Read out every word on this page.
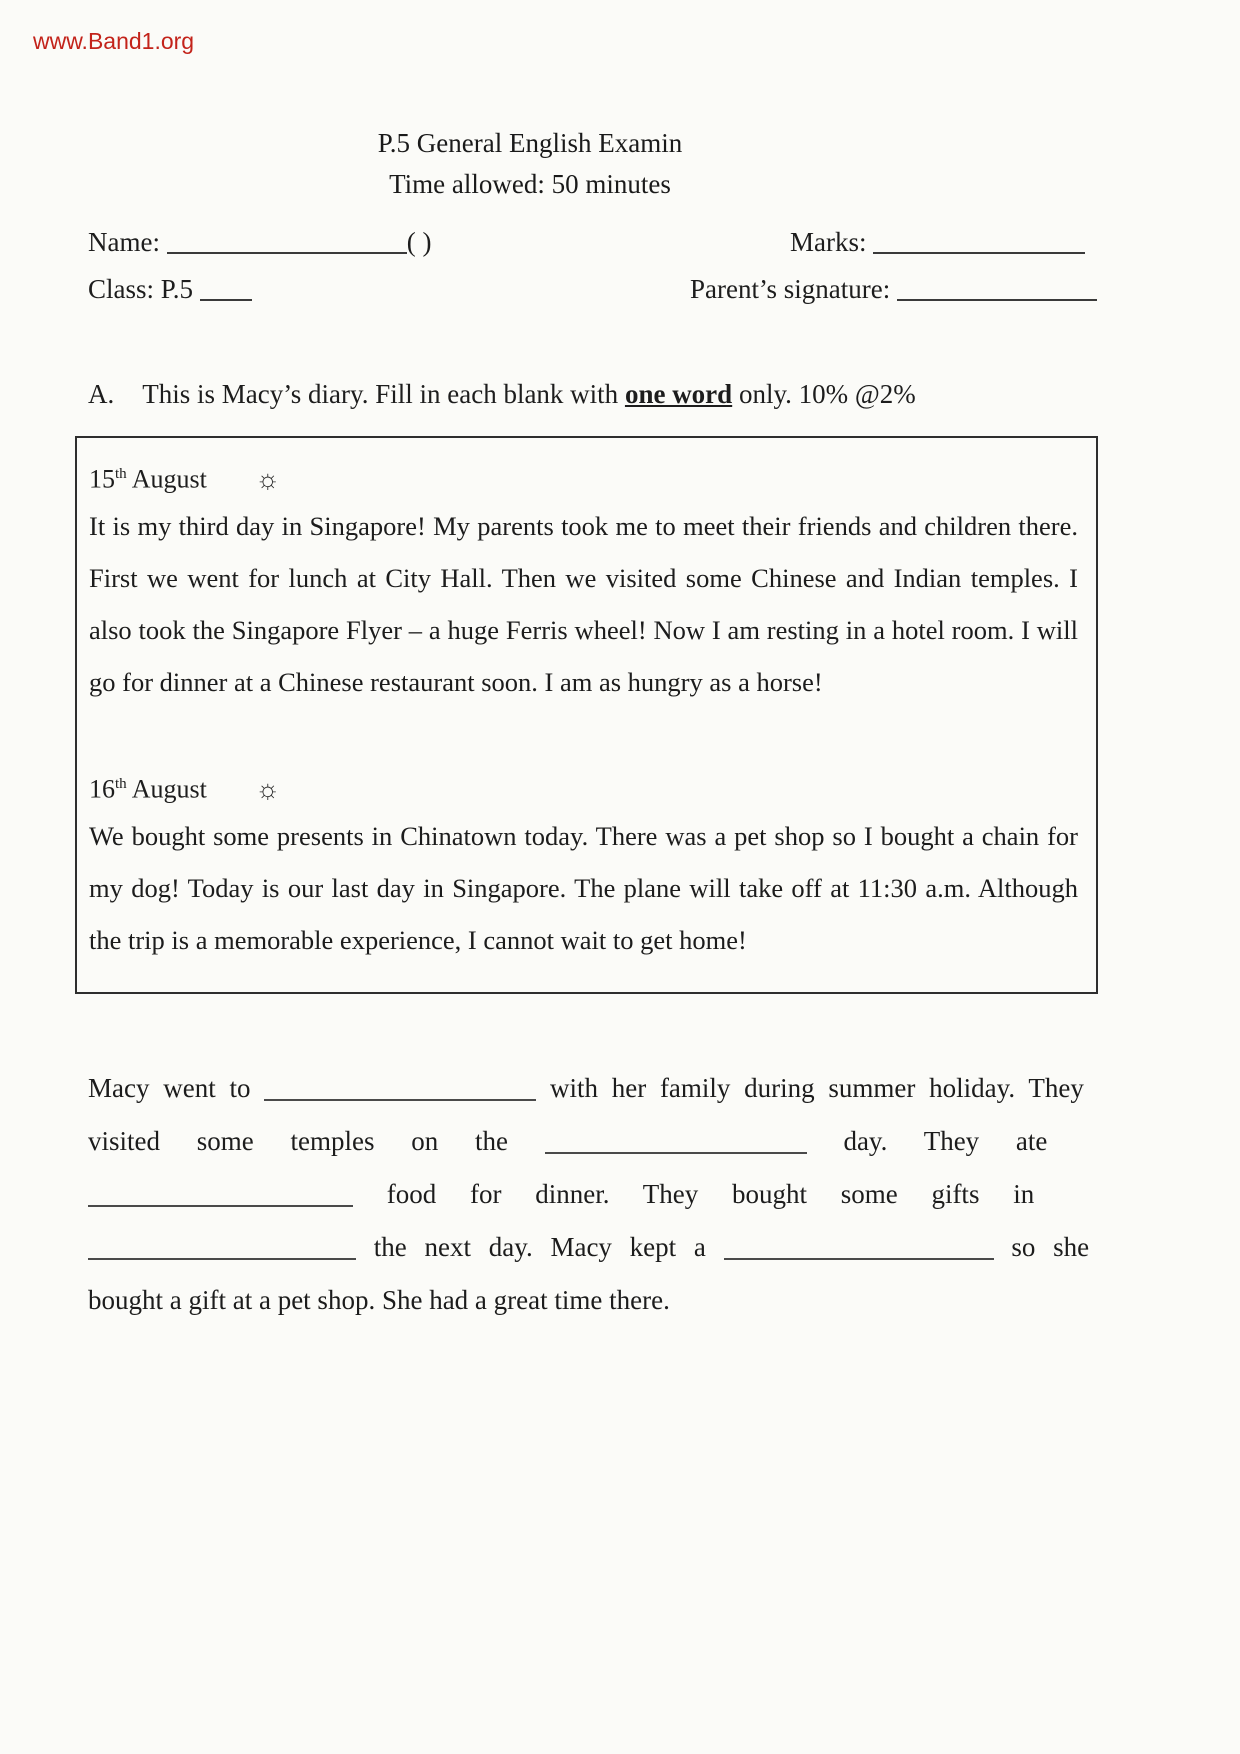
www.Band1.org
P.5 General English Examin
Time allowed: 50 minutes
Name:	( )	Marks:
Class: P.5	Parent’s signature:
A. This is Macy’s diary. Fill in each blank with one word only. 10% @2%
15th August ☼
It is my third day in Singapore! My parents took me to meet their friends and children there. First we went for lunch at City Hall. Then we visited some Chinese and Indian temples. I also took the Singapore Flyer – a huge Ferris wheel! Now I am resting in a hotel room. I will go for dinner at a Chinese restaurant soon. I am as hungry as a horse!
16th August ☼
We bought some presents in Chinatown today. There was a pet shop so I bought a chain for my dog! Today is our last day in Singapore. The plane will take off at 11:30 a.m. Although the trip is a memorable experience, I cannot wait to get home!
Macy went to	with her family during summer holiday. They
visited some temples on the	day. They ate
food for dinner. They bought some gifts in
the next day. Macy kept a	so she
bought a gift at a pet shop. She had a great time there.
